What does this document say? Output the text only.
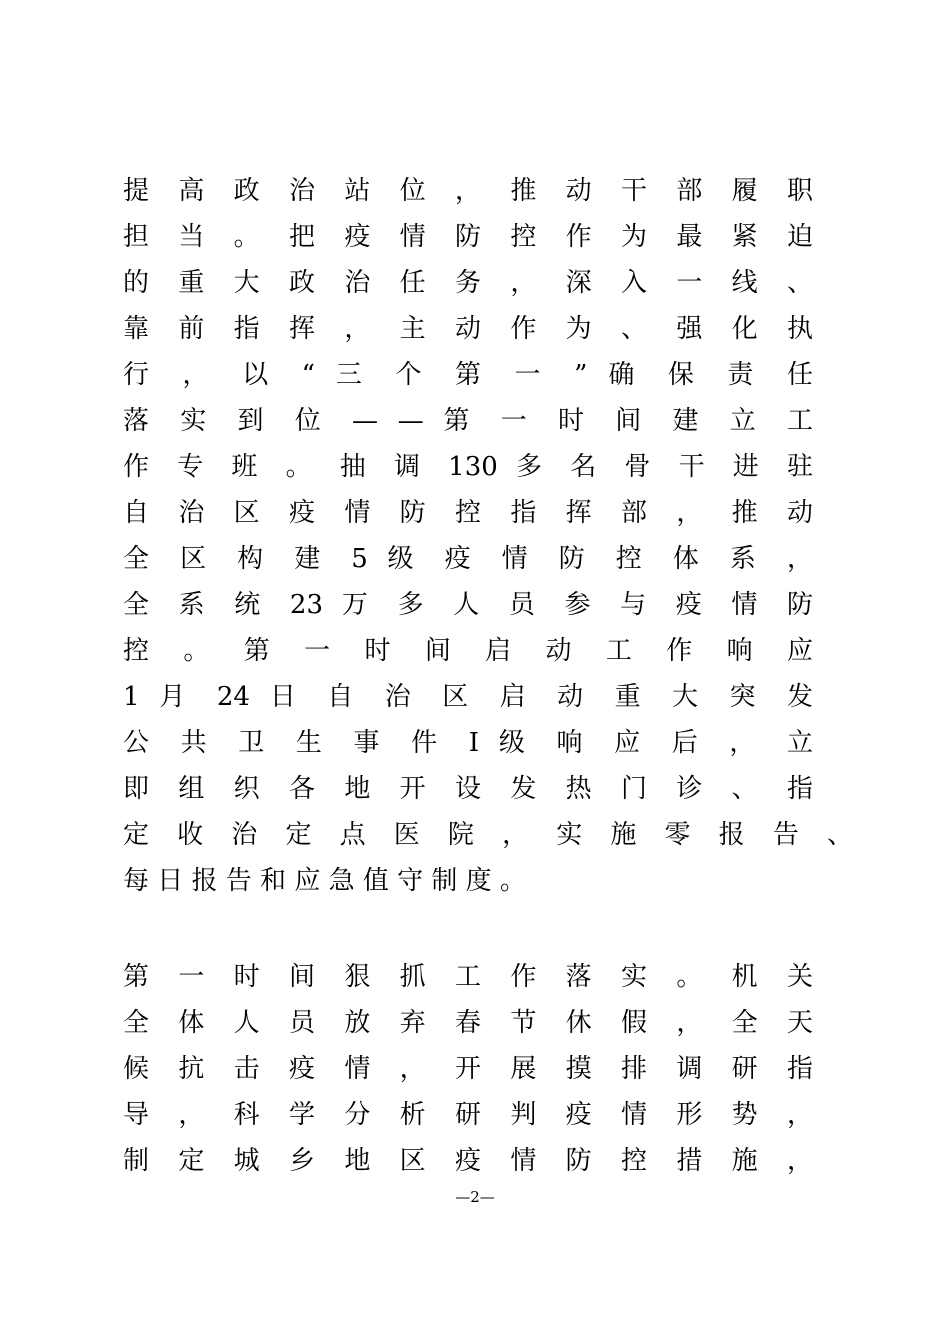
提 高 政 治 站 位 ， 推 动 干 部 履 职
担 当 。 把 疫 情 防 控 作 为 最 紧 迫
的 重 大 政 治 任 务 ， 深 入 一 线 、
靠 前 指 挥 ， 主 动 作 为 、 强 化 执
行 ， 以 “ 三 个 第 一 ” 确 保 责 任
落 实 到 位 — — 第 一 时 间 建 立 工
作 专 班 。 抽 调 130 多 名 骨 干 进 驻
自 治 区 疫 情 防 控 指 挥 部 ， 推 动
全 区 构 建 5 级 疫 情 防 控 体 系 ，
全 系 统 23 万 多 人 员 参 与 疫 情 防
控 。 第 一 时 间 启 动 工 作 响 应
1 月 24 日 自 治 区 启 动 重 大 突 发
公 共 卫 生 事 件 I 级 响 应 后 ， 立
即 组 织 各 地 开 设 发 热 门 诊 、 指
定 收 治 定 点 医 院 ， 实 施 零 报 告 、
每 日 报 告 和 应 急 值 守 制 度 。
第 一 时 间 狠 抓 工 作 落 实 。 机 关
全 体 人 员 放 弃 春 节 休 假 ， 全 天
候 抗 击 疫 情 ， 开 展 摸 排 调 研 指
导 ， 科 学 分 析 研 判 疫 情 形 势 ，
制 定 城 乡 地 区 疫 情 防 控 措 施 ，
—2—
